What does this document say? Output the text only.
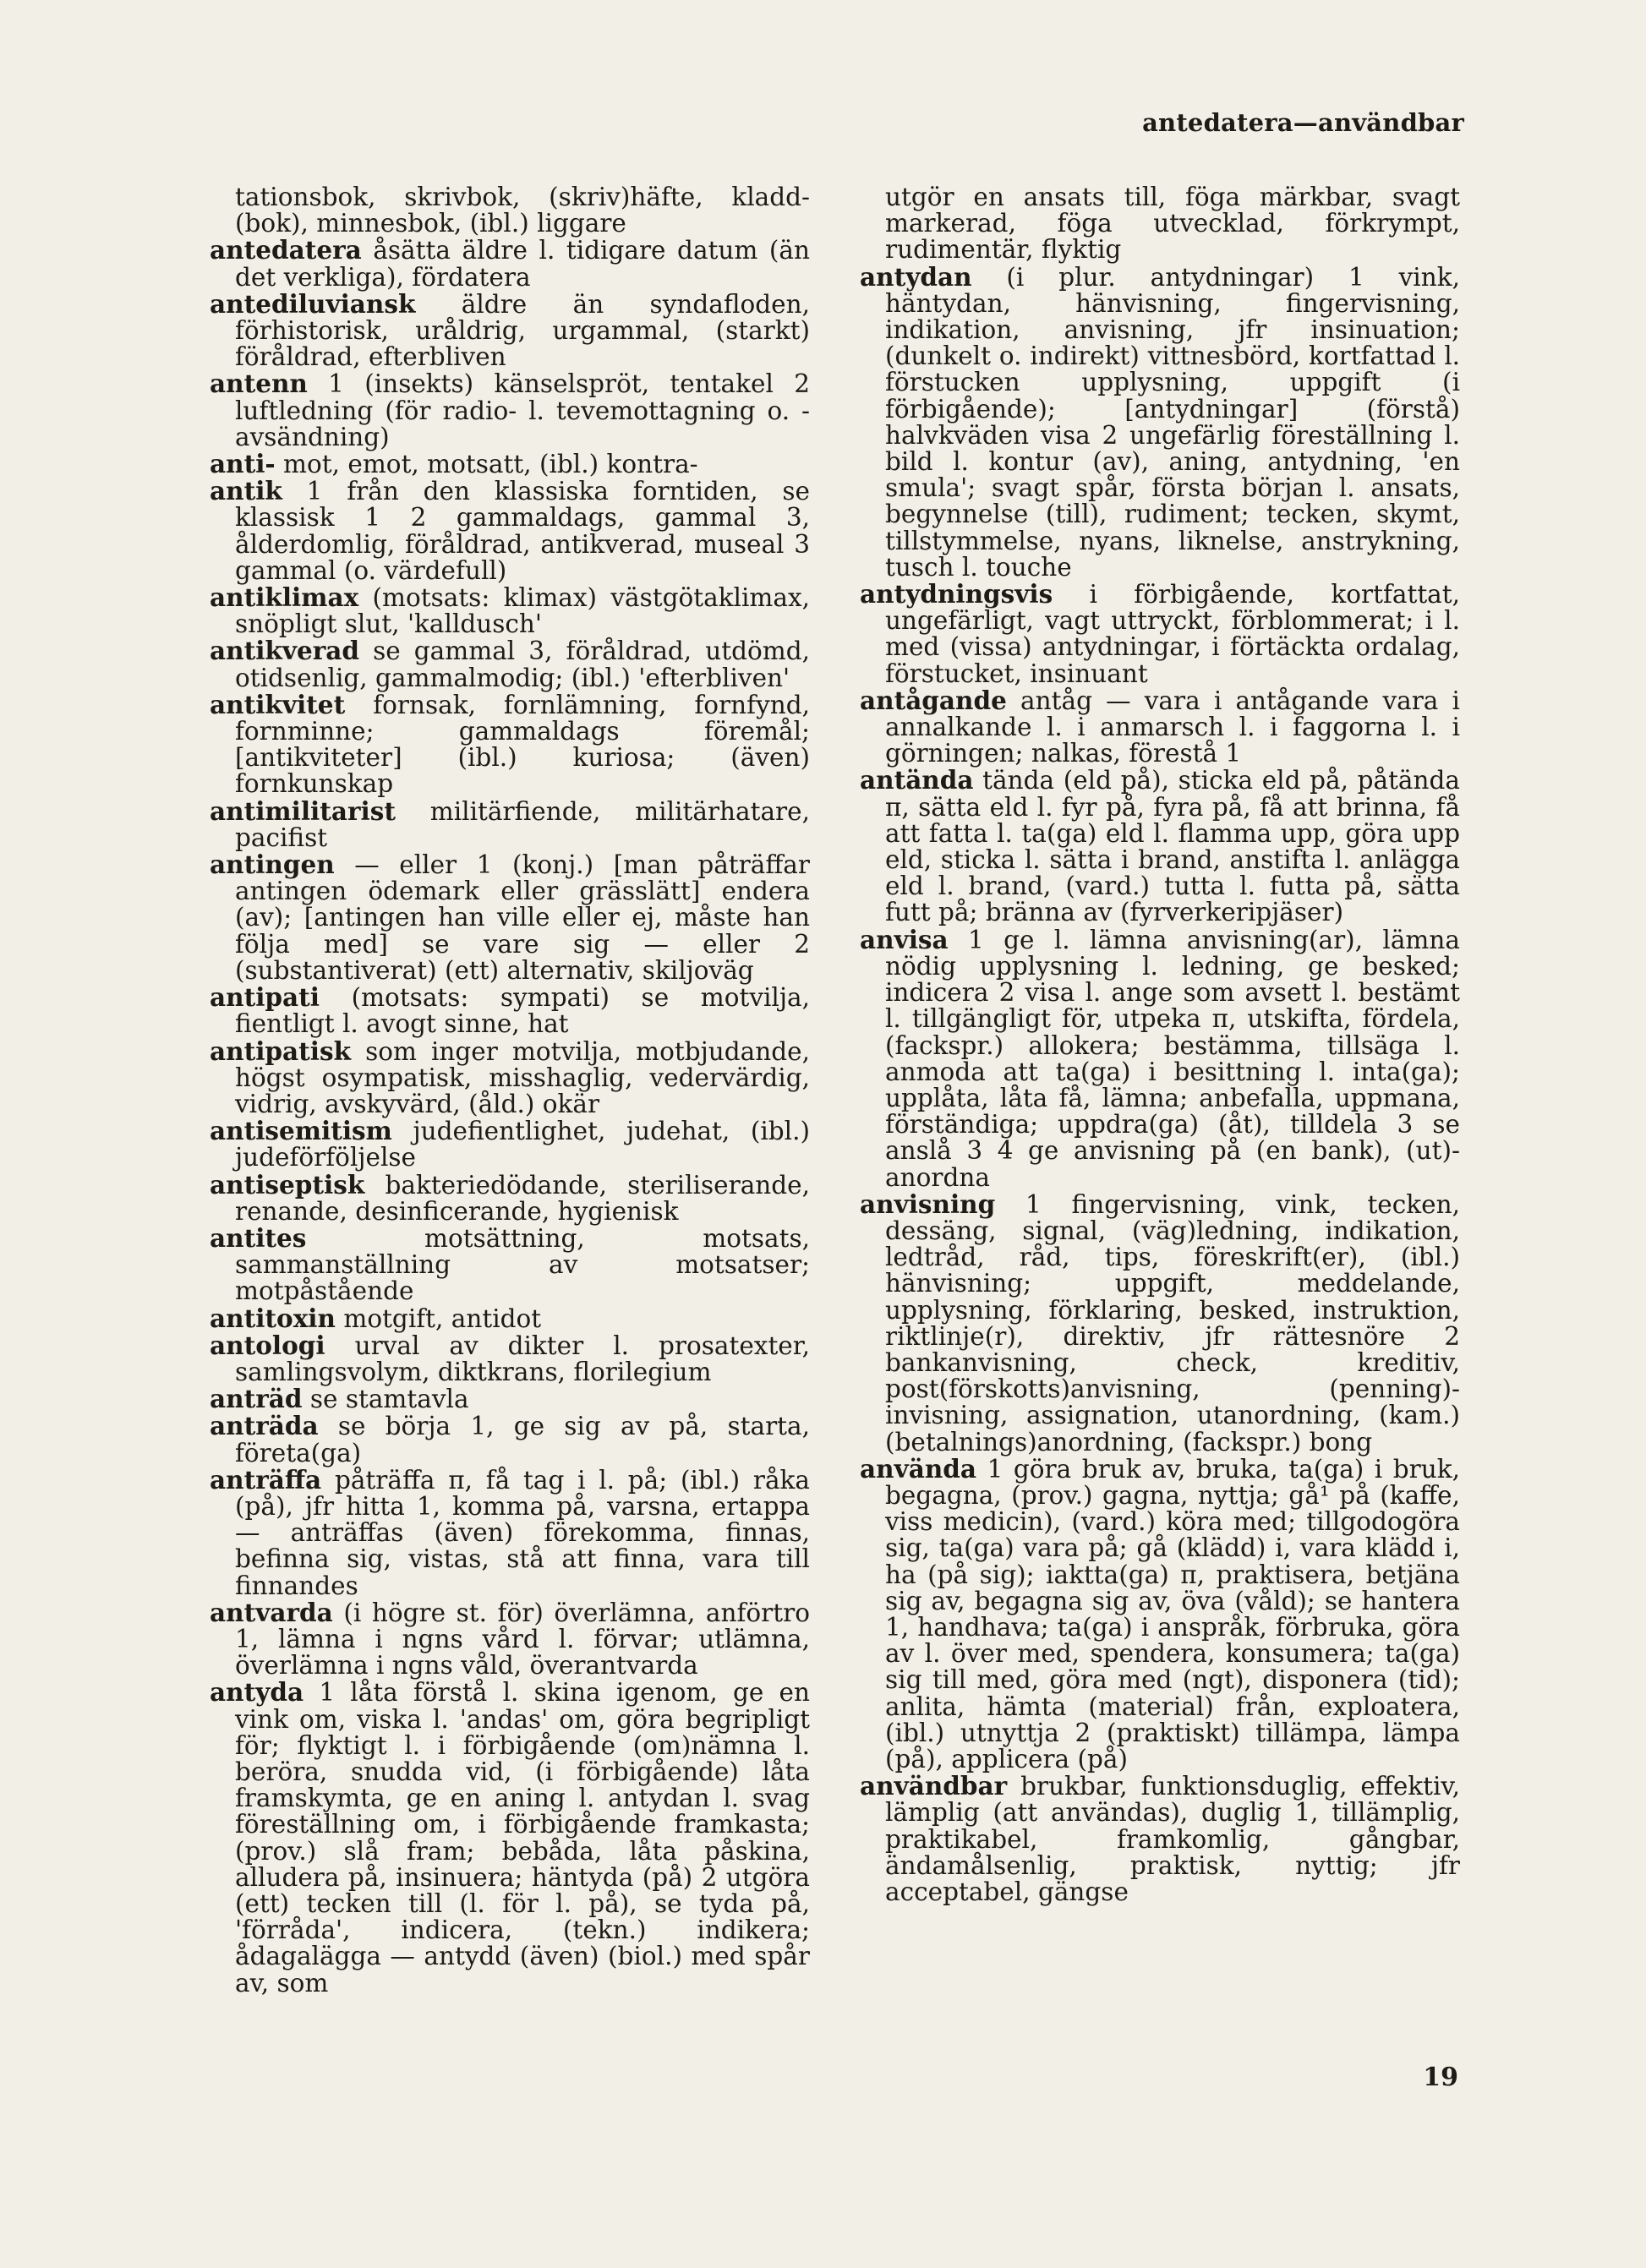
antedatera—användbar

tationsbok, skrivbok, (skriv)häfte, kladd-(bok), minnesbok, (ibl.) liggare

antedatera åsätta äldre l. tidigare datum (än det verkliga), fördatera

antediluviansk äldre än syndafloden, förhistorisk, uråldrig, urgammal, (starkt) föråldrad, efterbliven

antenn 1 (insekts) känselspröt, tentakel 2 luftledning (för radio- l. tevemottagning o. -avsändning)

anti- mot, emot, motsatt, (ibl.) kontra-

antik 1 från den klassiska forntiden, se klassisk 1 2 gammaldags, gammal 3, ålderdomlig, föråldrad, antikverad, museal 3 gammal (o. värdefull)

antiklimax (motsats: klimax) västgötaklimax, snöpligt slut, 'kalldusch'

antikverad se gammal 3, föråldrad, utdömd, otidsenlig, gammalmodig; (ibl.) 'efterbliven'

antikvitet fornsak, fornlämning, fornfynd, fornminne; gammaldags föremål; [antikviteter] (ibl.) kuriosa; (även) fornkunskap

antimilitarist militärfiende, militärhatare, pacifist

antingen — eller 1 (konj.) [man påträffar antingen ödemark eller grässlätt] endera (av); [antingen han ville eller ej, måste han följa med] se vare sig — eller 2 (substantiverat) (ett) alternativ, skiljoväg

antipati (motsats: sympati) se motvilja, fientligt l. avogt sinne, hat

antipatisk som inger motvilja, motbjudande, högst osympatisk, misshaglig, vedervärdig, vidrig, avskyvärd, (åld.) okär

antisemitism judefientlighet, judehat, (ibl.) judeförföljelse

antiseptisk bakteriedödande, steriliserande, renande, desinficerande, hygienisk

antites	motsättning, motsats, sammanställning av motsatser; motpåstående

antitoxin motgift, antidot

antologi urval av dikter l. prosatexter, samlingsvolym, diktkrans, florilegium

anträd se stamtavla

anträda se börja 1, ge sig av på, starta, företa(ga)

anträffa påträffa ᴨ, få tag i l. på; (ibl.) råka (på), jfr hitta 1, komma på, varsna, ertappa — anträffas (även) förekomma, finnas, befinna sig, vistas, stå att finna, vara till finnandes

antvarda (i högre st. för) överlämna, anförtro 1, lämna i ngns vård l. förvar; utlämna, överlämna i ngns våld, överantvarda

antyda 1 låta förstå l. skina igenom, ge en vink om, viska l. 'andas' om, göra begripligt för; flyktigt l. i förbigående (om)nämna l. beröra, snudda vid, (i förbigående) låta framskymta, ge en aning l. antydan l. svag föreställning om, i förbigående framkasta; (prov.) slå fram; bebåda, låta påskina, alludera på, insinuera; häntyda (på) 2 utgöra (ett) tecken till (l. för l. på), se tyda på, 'förråda', indicera, (tekn.) indikera; ådagalägga — antydd (även) (biol.) med spår av, som

utgör en ansats till, föga märkbar, svagt markerad, föga utvecklad, förkrympt, rudimentär, flyktig

antydan (i plur. antydningar) 1 vink, häntydan, hänvisning, fingervisning, indikation, anvisning, jfr insinuation; (dunkelt o. indirekt) vittnesbörd, kortfattad l. förstucken upplysning, uppgift (i förbigående); [antydningar] (förstå) halvkväden visa 2 ungefärlig föreställning l. bild l. kontur (av), aning, antydning, 'en smula'; svagt spår, första början l. ansats, begynnelse (till), rudiment; tecken, skymt, tillstymmelse, nyans, liknelse, anstrykning, tusch l. touche

antydningsvis i förbigående, kortfattat, ungefärligt, vagt uttryckt, förblommerat; i l. med (vissa) antydningar, i förtäckta ordalag, förstucket, insinuant

antågande antåg — vara i antågande vara i annalkande l. i anmarsch l. i faggorna l. i görningen; nalkas, förestå 1

antända tända (eld på), sticka eld på, påtända ᴨ, sätta eld l. fyr på, fyra på, få att brinna, få att fatta l. ta(ga) eld l. flamma upp, göra upp eld, sticka l. sätta i brand, anstifta l. anlägga eld l. brand, (vard.) tutta l. futta på, sätta futt på; bränna av (fyrverkeripjäser)

anvisa 1 ge l. lämna anvisning(ar), lämna nödig upplysning l. ledning, ge besked; indicera 2 visa l. ange som avsett l. bestämt l. tillgängligt för, utpeka ᴨ, utskifta, fördela, (fackspr.) allokera; bestämma, tillsäga l. anmoda att ta(ga) i besittning l. inta(ga); upplåta, låta få, lämna; anbefalla, uppmana, förständiga; uppdra(ga) (åt), tilldela 3 se anslå 3 4 ge anvisning på (en bank), (ut)-anordna

anvisning 1 fingervisning, vink, tecken, dessäng, signal, (väg)ledning, indikation, ledtråd, råd, tips, föreskrift(er), (ibl.) hänvisning; uppgift, meddelande, upplysning, förklaring, besked, instruktion, riktlinje(r), direktiv, jfr rättesnöre 2 bankanvisning, check, kreditiv, post(förskotts)anvisning, (penning)-invisning, assignation, utanordning, (kam.) (betalnings)anordning, (fackspr.) bong

använda 1 göra bruk av, bruka, ta(ga) i bruk, begagna, (prov.) gagna, nyttja; gå¹ på (kaffe, viss medicin), (vard.) köra med; tillgodogöra sig, ta(ga) vara på; gå (klädd) i, vara klädd i, ha (på sig); iaktta(ga) ᴨ, praktisera, betjäna sig av, begagna sig av, öva (våld); se hantera 1, handhava; ta(ga) i anspråk, förbruka, göra av l. över med, spendera, konsumera; ta(ga) sig till med, göra med (ngt), disponera (tid); anlita, hämta (material) från, exploatera, (ibl.) utnyttja 2 (praktiskt) tillämpa, lämpa (på), applicera (på)

användbar brukbar, funktionsduglig, effektiv, lämplig (att användas), duglig 1, tillämplig, praktikabel, framkomlig, gångbar, ändamålsenlig, praktisk, nyttig; jfr acceptabel, gängse

19
